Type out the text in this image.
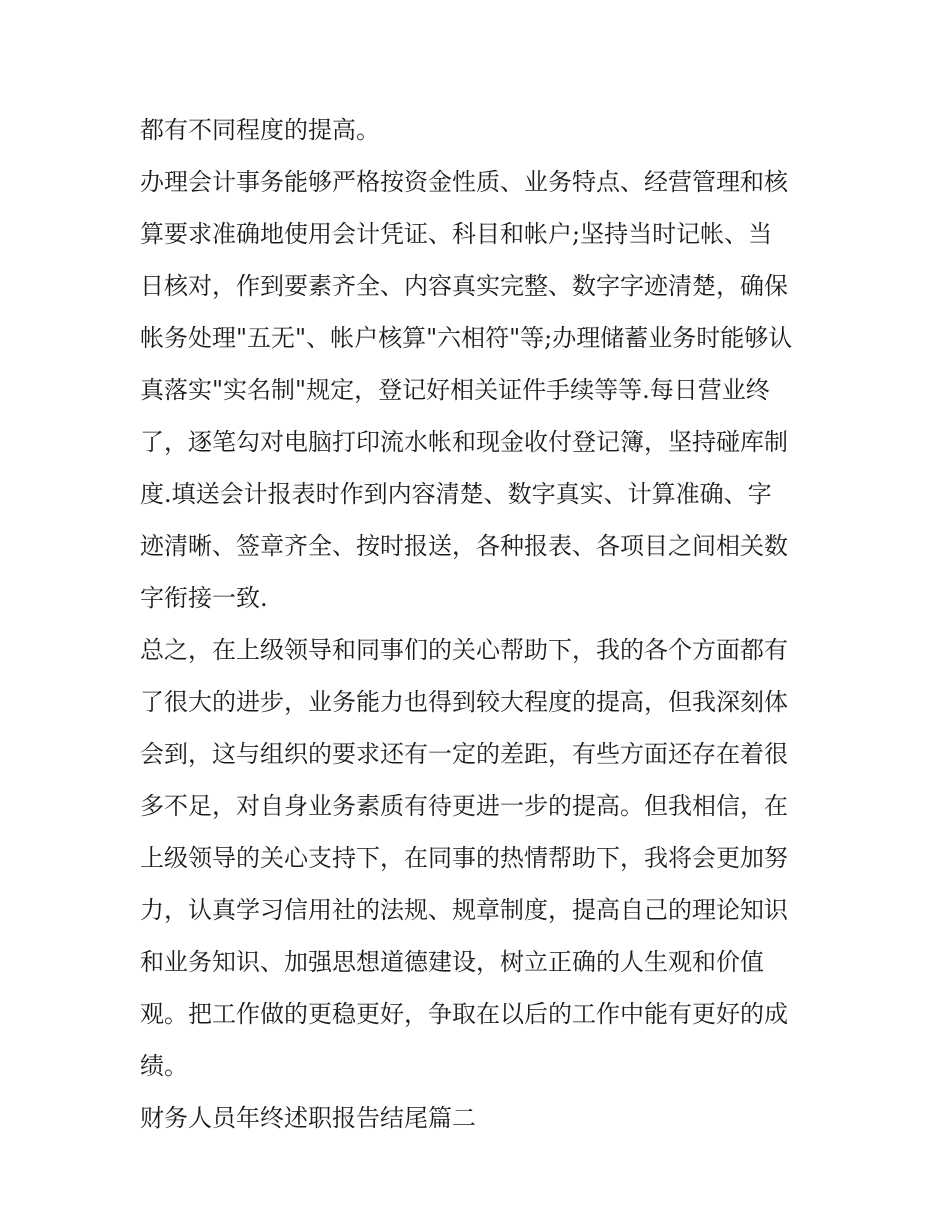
都有不同程度的提高。
办理会计事务能够严格按资金性质、业务特点、经营管理和核
算要求准确地使用会计凭证、科目和帐户;坚持当时记帐、当
日核对，作到要素齐全、内容真实完整、数字字迹清楚，确保
帐务处理"五无"、帐户核算"六相符"等;办理储蓄业务时能够认
真落实"实名制"规定，登记好相关证件手续等等.每日营业终
了，逐笔勾对电脑打印流水帐和现金收付登记簿，坚持碰库制
度.填送会计报表时作到内容清楚、数字真实、计算准确、字
迹清晰、签章齐全、按时报送，各种报表、各项目之间相关数
字衔接一致.
总之，在上级领导和同事们的关心帮助下，我的各个方面都有
了很大的进步，业务能力也得到较大程度的提高，但我深刻体
会到，这与组织的要求还有一定的差距，有些方面还存在着很
多不足，对自身业务素质有待更进一步的提高。但我相信，在
上级领导的关心支持下，在同事的热情帮助下，我将会更加努
力，认真学习信用社的法规、规章制度，提高自己的理论知识
和业务知识、加强思想道德建设，树立正确的人生观和价值
观。把工作做的更稳更好，争取在以后的工作中能有更好的成
绩。
财务人员年终述职报告结尾篇二
